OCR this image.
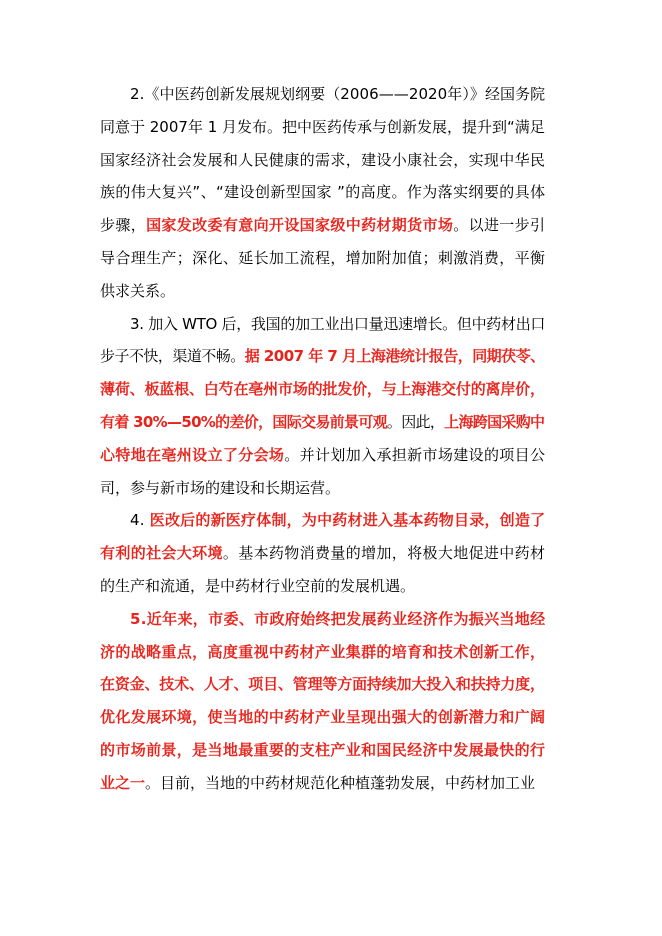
2.《中医药创新发展规划纲要（2006——2020年）》经国务院
同意于 2007年 1 月发布。把中医药传承与创新发展，提升到“满足
国家经济社会发展和人民健康的需求，建设小康社会，实现中华民
族的伟大复兴”、“建设创新型国家 ”的高度。作为落实纲要的具体
步骤，国家发改委有意向开设国家级中药材期货市场。以进一步引
导合理生产；深化、延长加工流程，增加附加值；刺激消费，平衡
供求关系。
3. 加入 WTO 后，我国的加工业出口量迅速增长。但中药材出口
步子不快，渠道不畅。据 2007 年 7 月上海港统计报告，同期茯苓、
薄荷、板蓝根、白芍在亳州市场的批发价，与上海港交付的离岸价，
有着 30%—50%的差价，国际交易前景可观。因此，上海跨国采购中
心特地在亳州设立了分会场。并计划加入承担新市场建设的项目公
司，参与新市场的建设和长期运营。
4. 医改后的新医疗体制，为中药材进入基本药物目录，创造了
有利的社会大环境。基本药物消费量的增加，将极大地促进中药材
的生产和流通，是中药材行业空前的发展机遇。
5.近年来，市委、市政府始终把发展药业经济作为振兴当地经
济的战略重点，高度重视中药材产业集群的培育和技术创新工作，
在资金、技术、人才、项目、管理等方面持续加大投入和扶持力度，
优化发展环境，使当地的中药材产业呈现出强大的创新潜力和广阔
的市场前景，是当地最重要的支柱产业和国民经济中发展最快的行
业之一。目前，当地的中药材规范化种植蓬勃发展，中药材加工业
